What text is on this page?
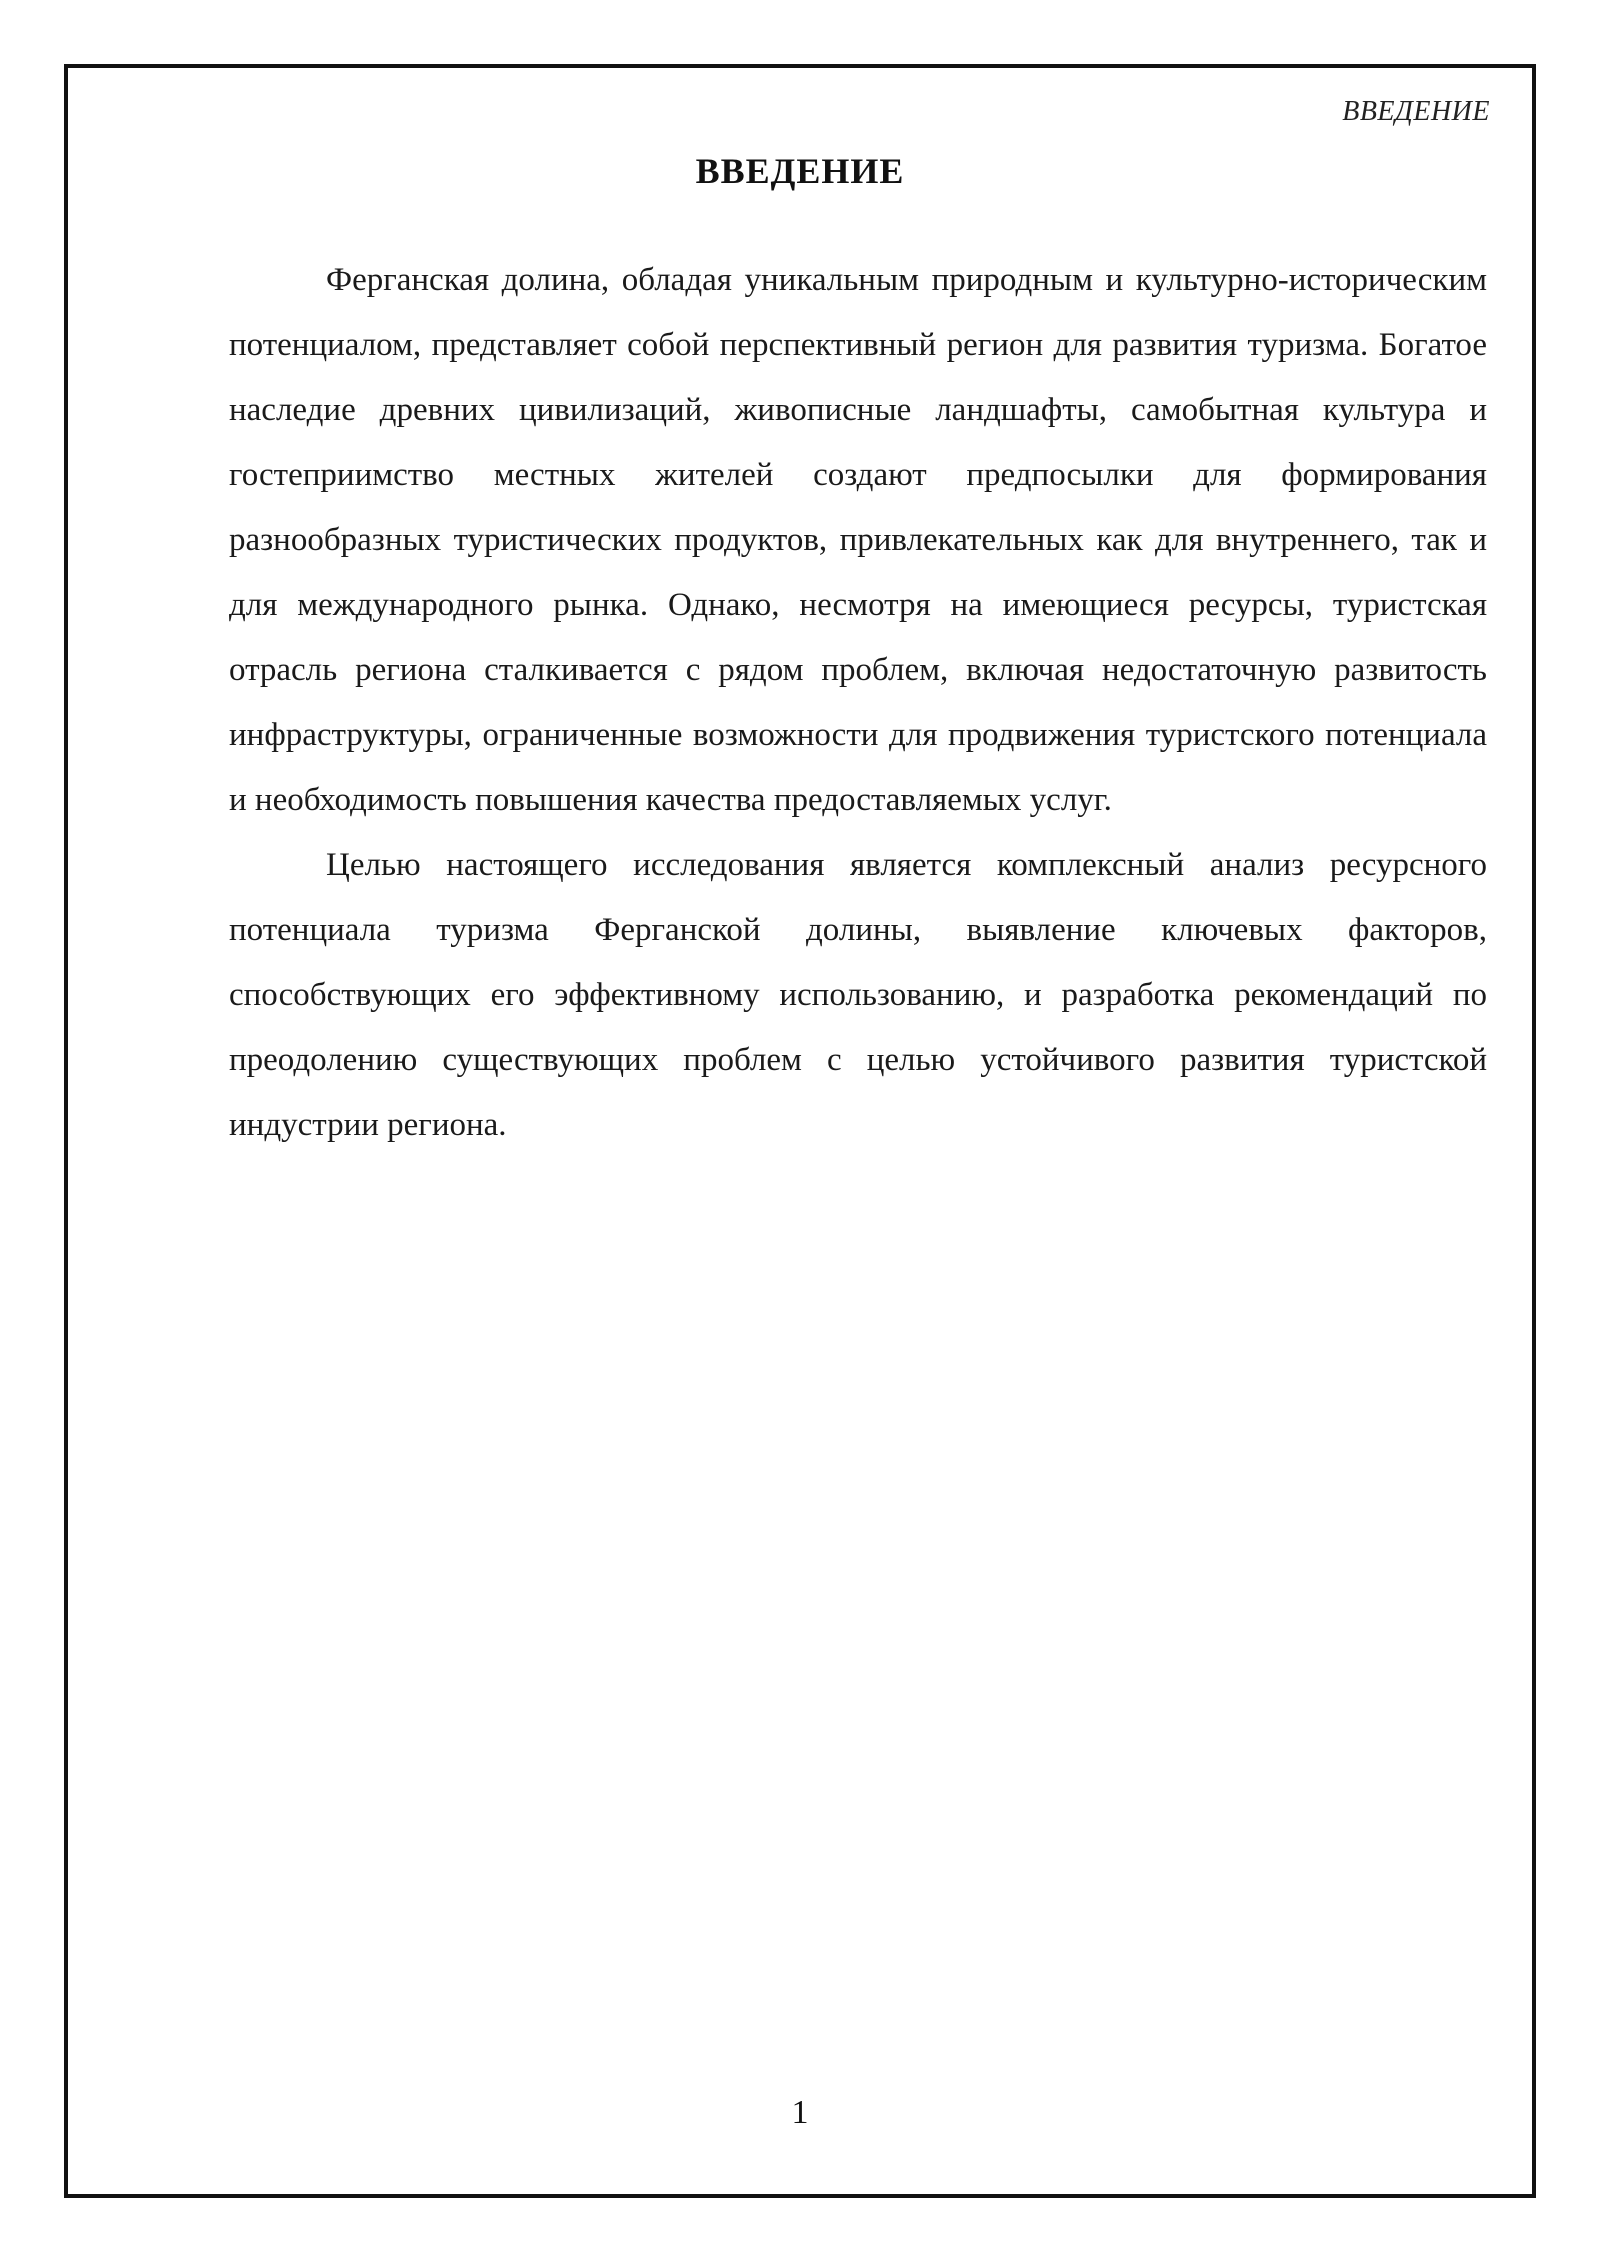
ВВЕДЕНИЕ
ВВЕДЕНИЕ

Ферганская долина, обладая уникальным природным и культурно-историческим потенциалом, представляет собой перспективный регион для развития туризма. Богатое наследие древних цивилизаций, живописные ландшафты, самобытная культура и гостеприимство местных жителей создают предпосылки для формирования разнообразных туристических продуктов, привлекательных как для внутреннего, так и для международного рынка. Однако, несмотря на имеющиеся ресурсы, туристская отрасль региона сталкивается с рядом проблем, включая недостаточную развитость инфраструктуры, ограниченные возможности для продвижения туристского потенциала и необходимость повышения качества предоставляемых услуг.

Целью настоящего исследования является комплексный анализ ресурсного потенциала туризма Ферганской долины, выявление ключевых факторов, способствующих его эффективному использованию, и разработка рекомендаций по преодолению существующих проблем с целью устойчивого развития туристской индустрии региона.

1
